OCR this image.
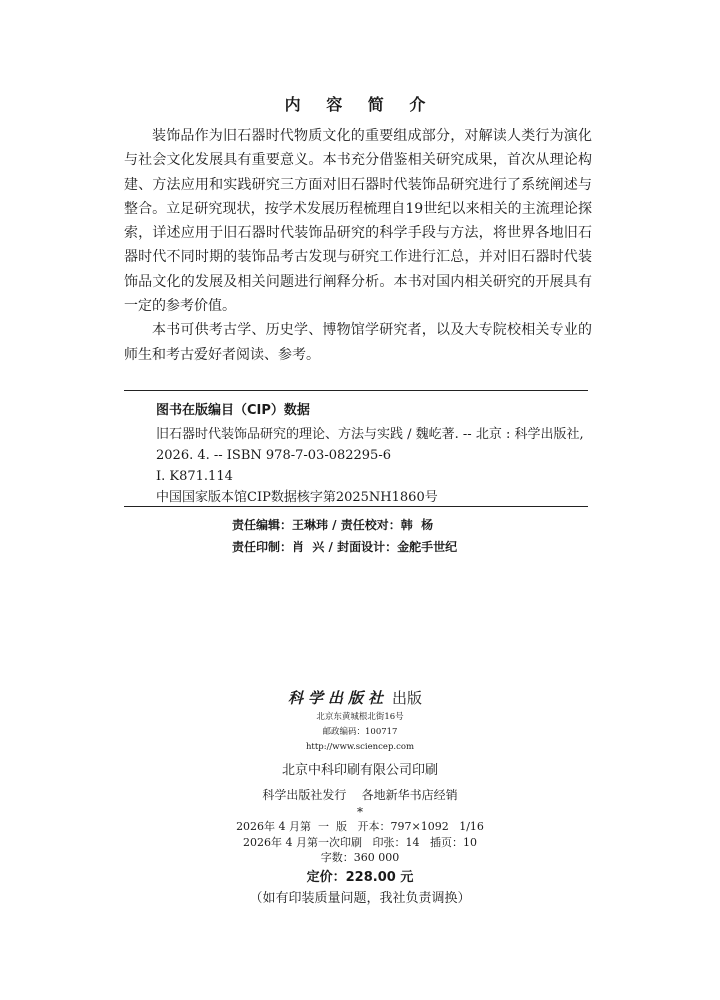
内 容 简 介

装饰品作为旧石器时代物质文化的重要组成部分，对解读人类行为演化与社会文化发展具有重要意义。本书充分借鉴相关研究成果，首次从理论构建、方法应用和实践研究三方面对旧石器时代装饰品研究进行了系统阐述与整合。立足研究现状，按学术发展历程梳理自19世纪以来相关的主流理论探索，详述应用于旧石器时代装饰品研究的科学手段与方法，将世界各地旧石器时代不同时期的装饰品考古发现与研究工作进行汇总，并对旧石器时代装饰品文化的发展及相关问题进行阐释分析。本书对国内相关研究的开展具有一定的参考价值。

本书可供考古学、历史学、博物馆学研究者，以及大专院校相关专业的师生和考古爱好者阅读、参考。

图书在版编目（CIP）数据
旧石器时代装饰品研究的理论、方法与实践 / 魏屹著. -- 北京 : 科学出版社, 2026. 4. -- ISBN 978-7-03-082295-6
Ⅰ. K871.114
中国国家版本馆CIP数据核字第2025NH1860号
责任编辑：王琳玮 / 责任校对：韩  杨
责任印制：肖  兴 / 封面设计：金舵手世纪
科学出版社 出版
北京东黄城根北街16号
邮政编码：100717
http://www.sciencep.com
北京中科印刷有限公司印刷
科学出版社发行    各地新华书店经销
*
2026年 4 月第  一  版   开本：797×1092   1/16
2026年 4 月第一次印刷   印张：14   插页：10
字数：360 000
定价：228.00 元
（如有印装质量问题，我社负责调换）
